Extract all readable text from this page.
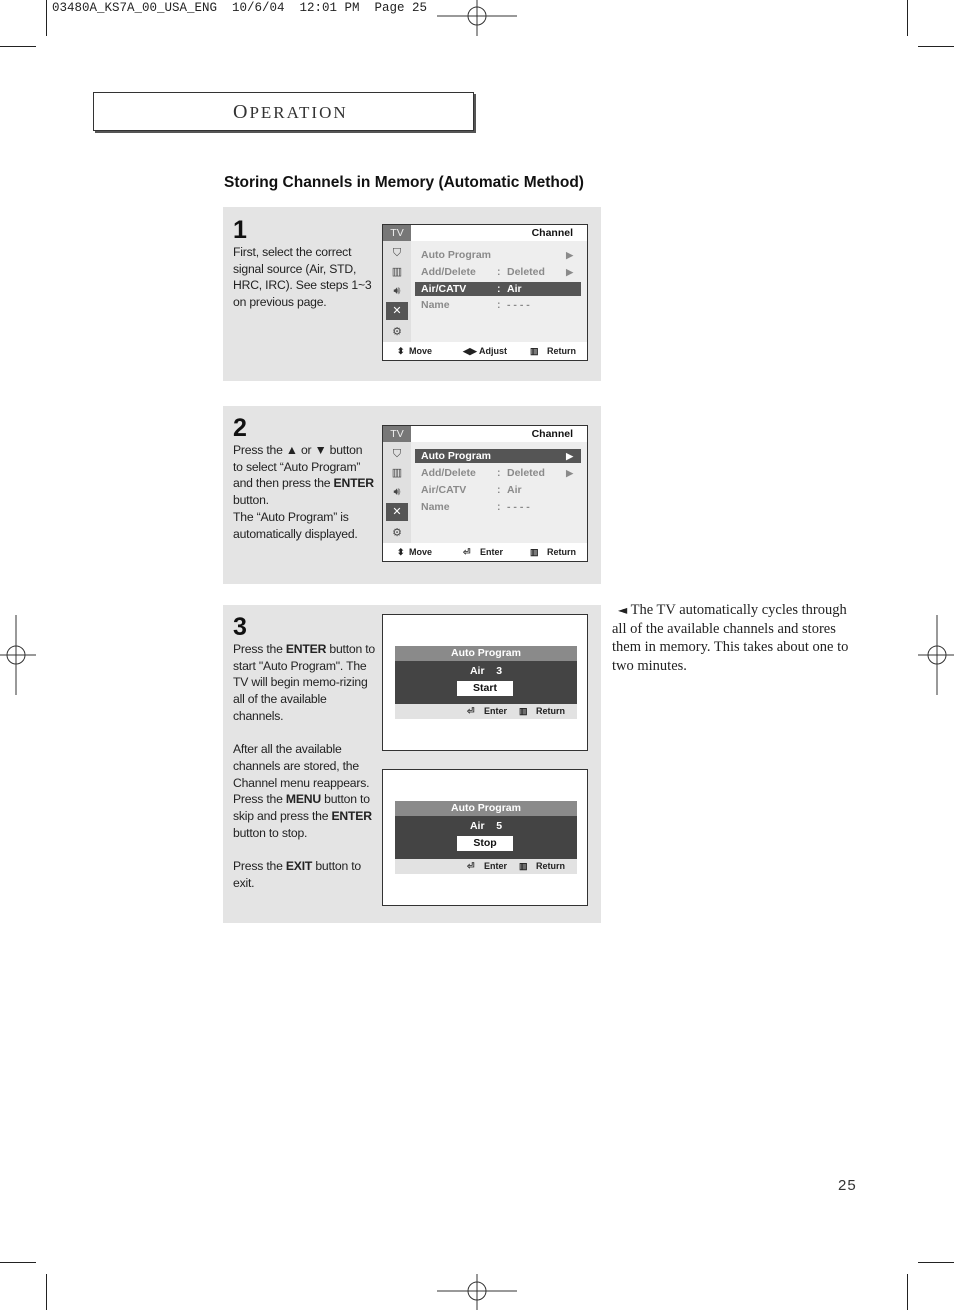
03480A_KS7A_00_USA_ENG  10/6/04  12:01 PM  Page 25
OPERATION
Storing Channels in Memory (Automatic Method)
1
First, select the correct signal source (Air, STD, HRC, IRC). See steps 1~3 on previous page.
TV
⛉
▥
🔊︎
✕
⚙︎
Channel
Auto Program	▶
Add/Delete : Deleted ▶
Air/CATV	: Air
Name	: - - - -
⬍ Move	◀▶ Adjust	▥ Return
2
Press the ▲ or ▼ button
to select “Auto Program”
and then press the ENTER
button.
The “Auto Program” is
automatically displayed.
TV
⛉
▥
🔊︎
✕
⚙︎
Channel
Auto Program	▶
Add/Delete : Deleted ▶
Air/CATV	: Air
Name	: - - - -
⬍ Move	⏎ Enter	▥ Return
3

Press the ENTER button to start "Auto Program". The TV will begin memo-rizing all of the available channels.

After all the available channels are stored, the Channel menu reappears. Press the MENU button to skip and press the ENTER button to stop.

Press the EXIT button to exit.

Auto Program
Air    3
Start
⏎ Enter ▥ Return
Auto Program
Air    5
Stop
⏎ Enter ▥ Return
◄ The TV automatically cycles through all of the available channels and stores them in memory. This takes about one to two minutes.
25
